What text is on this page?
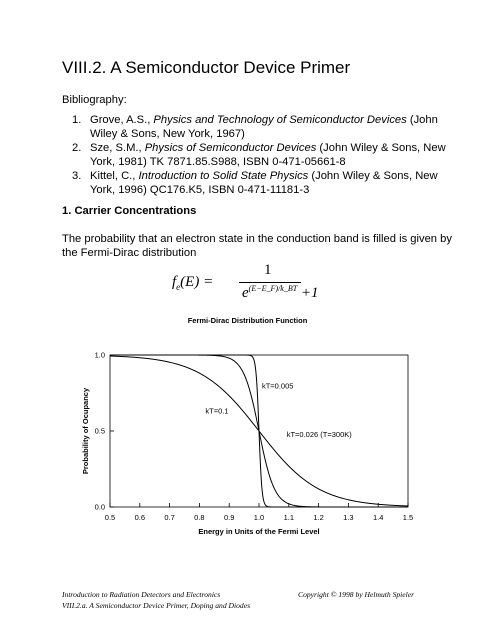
VIII.2. A Semiconductor Device Primer
Bibliography:
1. Grove, A.S., Physics and Technology of Semiconductor Devices (John Wiley & Sons, New York, 1967)
2. Sze, S.M., Physics of Semiconductor Devices (John Wiley & Sons, New York, 1981) TK 7871.85.S988, ISBN 0-471-05661-8
3. Kittel, C., Introduction to Solid State Physics (John Wiley & Sons, New York, 1996) QC176.K5, ISBN 0-471-11181-3
1. Carrier Concentrations
The probability that an electron state in the conduction band is filled is given by the Fermi-Dirac distribution
$f_e(E)$ =
1
$e^{(E-E\_F)/k\_BT} +1$
Fermi-Dirac Distribution Function
0.5	0.6	0.7	0.8	0.9	1.0	1.1	1.2	1.3	1.4	1.5
0.0
0.5
1.0
kT=0.005
kT=0.1
kT=0.026 (T=300K)
Energy in Units of the Fermi Level
Probability of Ocupancy
Introduction to Radiation Detectors and Electronics
VIII.2.a. A Semiconductor Device Primer, Doping and Diodes
Copyright © 1998 by Helmuth Spieler
